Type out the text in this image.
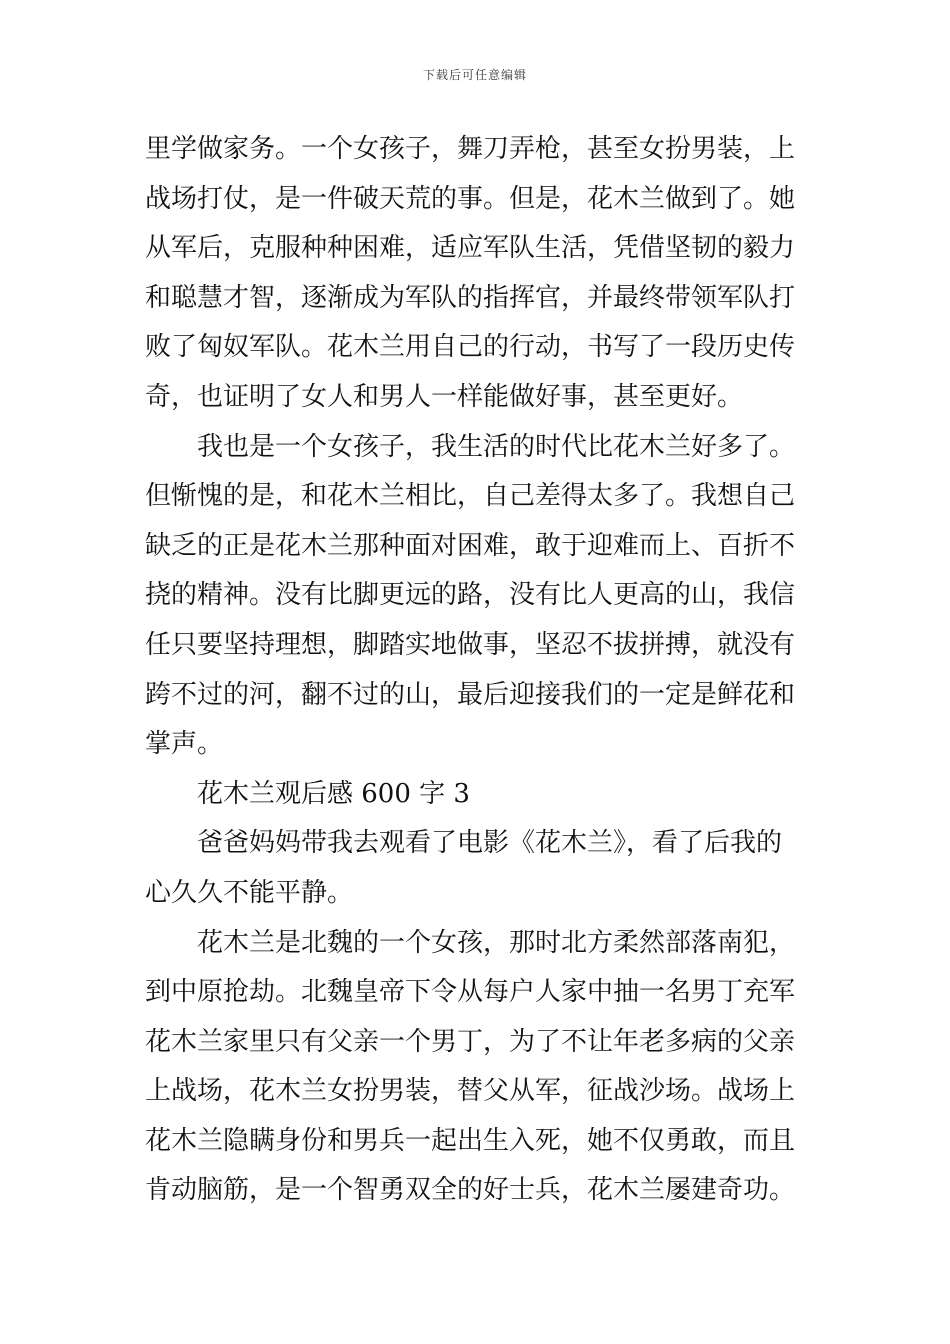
下载后可任意编辑
里学做家务。一个女孩子，舞刀弄枪，甚至女扮男装，上
战场打仗，是一件破天荒的事。但是，花木兰做到了。她
从军后，克服种种困难，适应军队生活，凭借坚韧的毅力
和聪慧才智，逐渐成为军队的指挥官，并最终带领军队打
败了匈奴军队。花木兰用自己的行动，书写了一段历史传
奇，也证明了女人和男人一样能做好事，甚至更好。
我也是一个女孩子，我生活的时代比花木兰好多了。
但惭愧的是，和花木兰相比，自己差得太多了。我想自己
缺乏的正是花木兰那种面对困难，敢于迎难而上、百折不
挠的精神。没有比脚更远的路，没有比人更高的山，我信
任只要坚持理想，脚踏实地做事，坚忍不拔拼搏，就没有
跨不过的河，翻不过的山，最后迎接我们的一定是鲜花和
掌声。
花木兰观后感 600 字 3
爸爸妈妈带我去观看了电影《花木兰》，看了后我的
心久久不能平静。
花木兰是北魏的一个女孩，那时北方柔然部落南犯，
到中原抢劫。北魏皇帝下令从每户人家中抽一名男丁充军
花木兰家里只有父亲一个男丁，为了不让年老多病的父亲
上战场，花木兰女扮男装，替父从军，征战沙场。战场上
花木兰隐瞒身份和男兵一起出生入死，她不仅勇敢，而且
肯动脑筋，是一个智勇双全的好士兵，花木兰屡建奇功。
